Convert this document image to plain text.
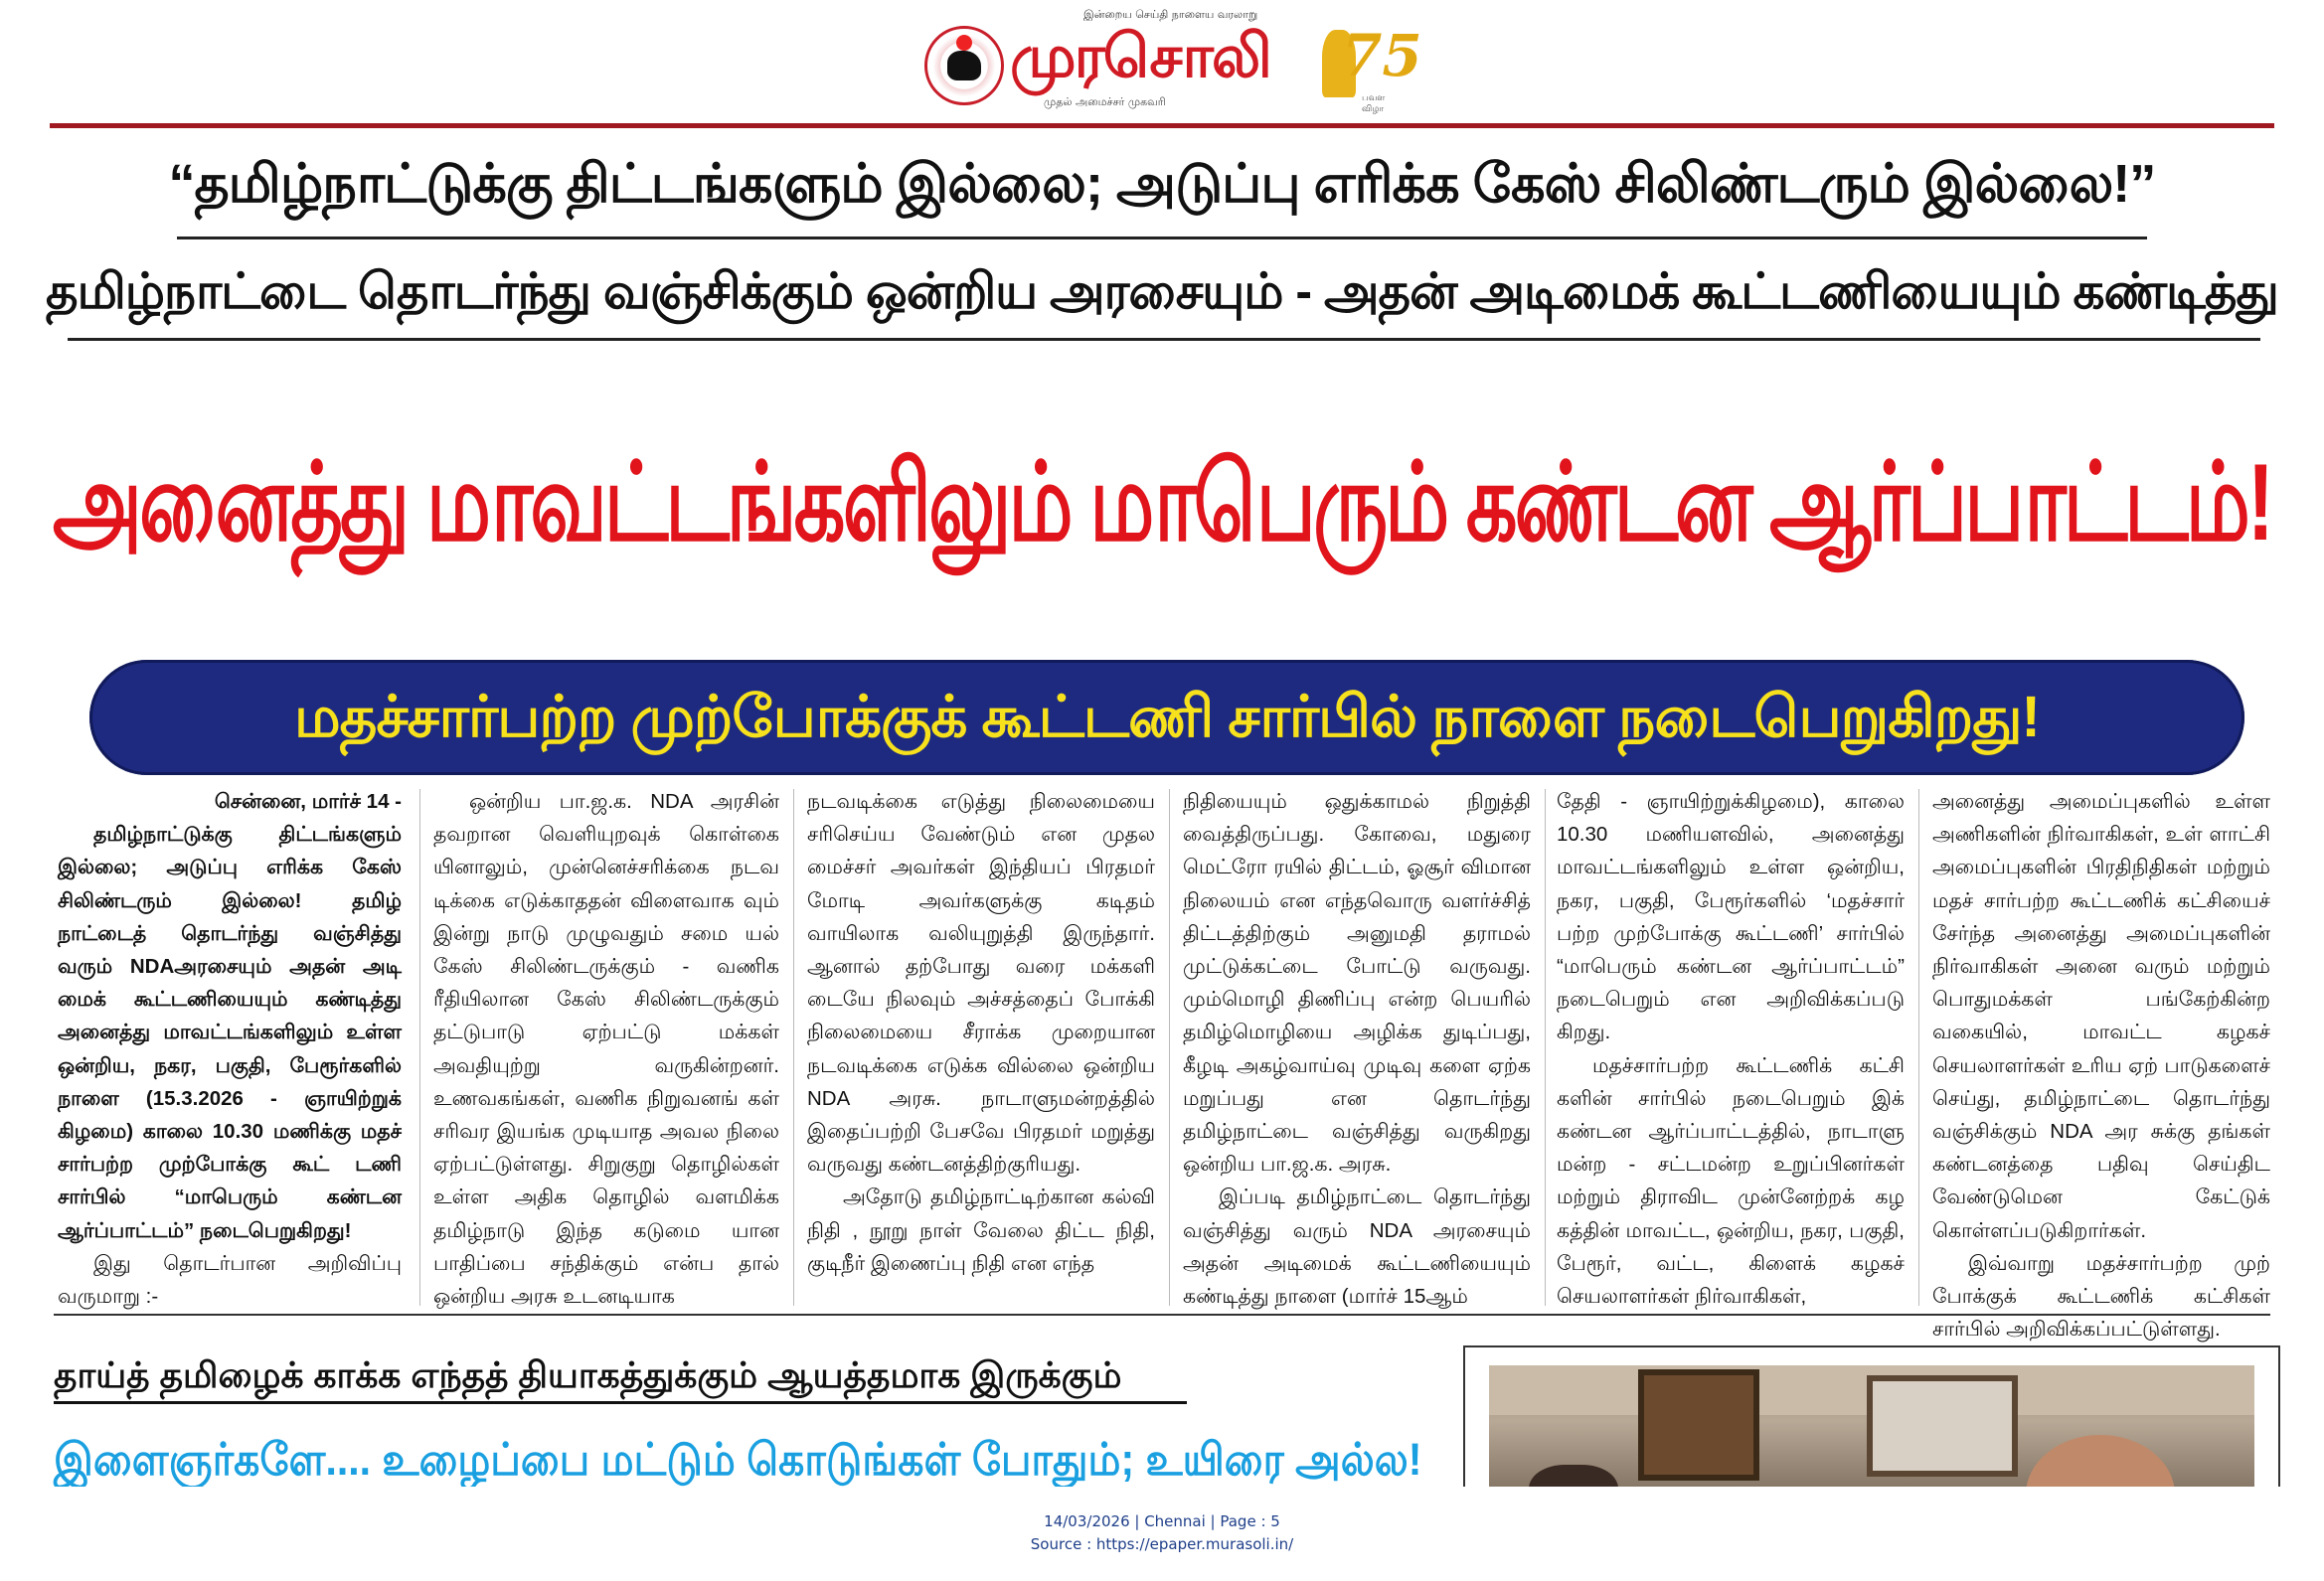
இன்றைய செய்தி நாளைய வரலாறு
முரசொலி
முதல் அமைச்சர் முகவரி
75
பவள விழா
“தமிழ்நாட்டுக்கு திட்டங்களும் இல்லை; அடுப்பு எரிக்க கேஸ் சிலிண்டரும் இல்லை!”
தமிழ்நாட்டை தொடர்ந்து வஞ்சிக்கும் ஒன்றிய அரசையும் - அதன் அடிமைக் கூட்டணியையும் கண்டித்து
அனைத்து மாவட்டங்களிலும் மாபெரும் கண்டன ஆர்ப்பாட்டம்!
மதச்சார்பற்ற முற்போக்குக் கூட்டணி சார்பில் நாளை நடைபெறுகிறது!

சென்னை, மார்ச் 14 -

தமிழ்நாட்டுக்கு திட்டங்களும் இல்லை; அடுப்பு எரிக்க கேஸ் சிலிண்டரும் இல்லை! தமிழ் நாட்டைத் தொடர்ந்து வஞ்சித்து வரும் NDAஅரசையும் அதன் அடி மைக் கூட்டணியையும் கண்டித்து அனைத்து மாவட்டங்களிலும் உள்ள ஒன்றிய, நகர, பகுதி, பேரூர்களில் நாளை (15.3.2026 - ஞாயிற்றுக் கிழமை) காலை 10.30 மணிக்கு மதச் சார்பற்ற முற்போக்கு கூட் டணி சார்பில் “மாபெரும் கண்டன ஆர்ப்பாட்டம்” நடைபெறுகிறது!

இது தொடர்பான அறிவிப்பு வருமாறு :-

ஒன்றிய பா.ஜ.க. NDA அரசின் தவறான வெளியுறவுக் கொள்கை யினாலும், முன்னெச்சரிக்கை நடவ டிக்கை எடுக்காததன் விளைவாக வும் இன்று நாடு முழுவதும் சமை யல் கேஸ் சிலிண்டருக்கும் - வணிக ரீதியிலான கேஸ் சிலிண்டருக்கும் தட்டுபாடு ஏற்பட்டு மக்கள் அவதியுற்று வருகின்றனர். உணவகங்கள், வணிக நிறுவனங் கள் சரிவர இயங்க முடியாத அவல நிலை ஏற்பட்டுள்ளது. சிறுகுறு தொழில்கள் உள்ள அதிக தொழில் வளமிக்க தமிழ்நாடு இந்த கடுமை யான பாதிப்பை சந்திக்கும் என்ப தால் ஒன்றிய அரசு உடனடியாக

நடவடிக்கை எடுத்து நிலைமையை சரிசெய்ய வேண்டும் என முதல மைச்சர் அவர்கள் இந்தியப் பிரதமர் மோடி அவர்களுக்கு கடிதம் வாயிலாக வலியுறுத்தி இருந்தார். ஆனால் தற்போது வரை மக்களி டையே நிலவும் அச்சத்தைப் போக்கி நிலைமையை சீராக்க முறையான நடவடிக்கை எடுக்க வில்லை ஒன்றிய NDA அரசு. நாடாளுமன்றத்தில் இதைப்பற்றி பேசவே பிரதமர் மறுத்து வருவது கண்டனத்திற்குரியது.

அதோடு தமிழ்நாட்டிற்கான கல்வி நிதி , நூறு நாள் வேலை திட்ட நிதி, குடிநீர் இணைப்பு நிதி என எந்த

நிதியையும் ஒதுக்காமல் நிறுத்தி வைத்திருப்பது. கோவை, மதுரை மெட்ரோ ரயில் திட்டம், ஓசூர் விமான நிலையம் என எந்தவொரு வளர்ச்சித் திட்டத்திற்கும் அனுமதி தராமல் முட்டுக்கட்டை போட்டு வருவது. மும்மொழி திணிப்பு என்ற பெயரில் தமிழ்மொழியை அழிக்க துடிப்பது, கீழடி அகழ்வாய்வு முடிவு களை ஏற்க மறுப்பது என தொடர்ந்து தமிழ்நாட்டை வஞ்சித்து வருகிறது ஒன்றிய பா.ஜ.க. அரசு.

இப்படி தமிழ்நாட்டை தொடர்ந்து வஞ்சித்து வரும் NDA அரசையும் அதன் அடிமைக் கூட்டணியையும் கண்டித்து நாளை (மார்ச் 15ஆம்

தேதி - ஞாயிற்றுக்கிழமை), காலை 10.30 மணியளவில், அனைத்து மாவட்டங்களிலும் உள்ள ஒன்றிய, நகர, பகுதி, பேரூர்களில் ‘மதச்சார் பற்ற முற்போக்கு கூட்டணி’ சார்பில் “மாபெரும் கண்டன ஆர்ப்பாட்டம்” நடைபெறும் என அறிவிக்கப்படு கிறது.

மதச்சார்பற்ற கூட்டணிக் கட்சி களின் சார்பில் நடைபெறும் இக் கண்டன ஆர்ப்பாட்டத்தில், நாடாளு மன்ற - சட்டமன்ற உறுப்பினர்கள் மற்றும் திராவிட முன்னேற்றக் கழ கத்தின் மாவட்ட, ஒன்றிய, நகர, பகுதி, பேரூர், வட்ட, கிளைக் கழகச் செயலாளர்கள் நிர்வாகிகள்,

அனைத்து அமைப்புகளில் உள்ள அணிகளின் நிர்வாகிகள், உள் ளாட்சி அமைப்புகளின் பிரதிநிதிகள் மற்றும் மதச் சார்பற்ற கூட்டணிக் கட்சியைச் சேர்ந்த அனைத்து அமைப்புகளின் நிர்வாகிகள் அனை வரும் மற்றும் பொதுமக்கள் பங்கேற்கின்ற வகையில், மாவட்ட கழகச் செயலாளர்கள் உரிய ஏற் பாடுகளைச் செய்து, தமிழ்நாட்டை தொடர்ந்து வஞ்சிக்கும் NDA அர சுக்கு தங்கள் கண்டனத்தை பதிவு செய்திட வேண்டுமென கேட்டுக் கொள்ளப்படுகிறார்கள்.

இவ்வாறு மதச்சார்பற்ற முற் போக்குக் கூட்டணிக் கட்சிகள் சார்பில் அறிவிக்கப்பட்டுள்ளது.

தாய்த் தமிழைக் காக்க எந்தத் தியாகத்துக்கும் ஆயத்தமாக இருக்கும்
இளைஞர்களே.... உழைப்பை மட்டும் கொடுங்கள் போதும்; உயிரை அல்ல!
14/03/2026 | Chennai | Page : 5
Source : https://epaper.murasoli.in/
